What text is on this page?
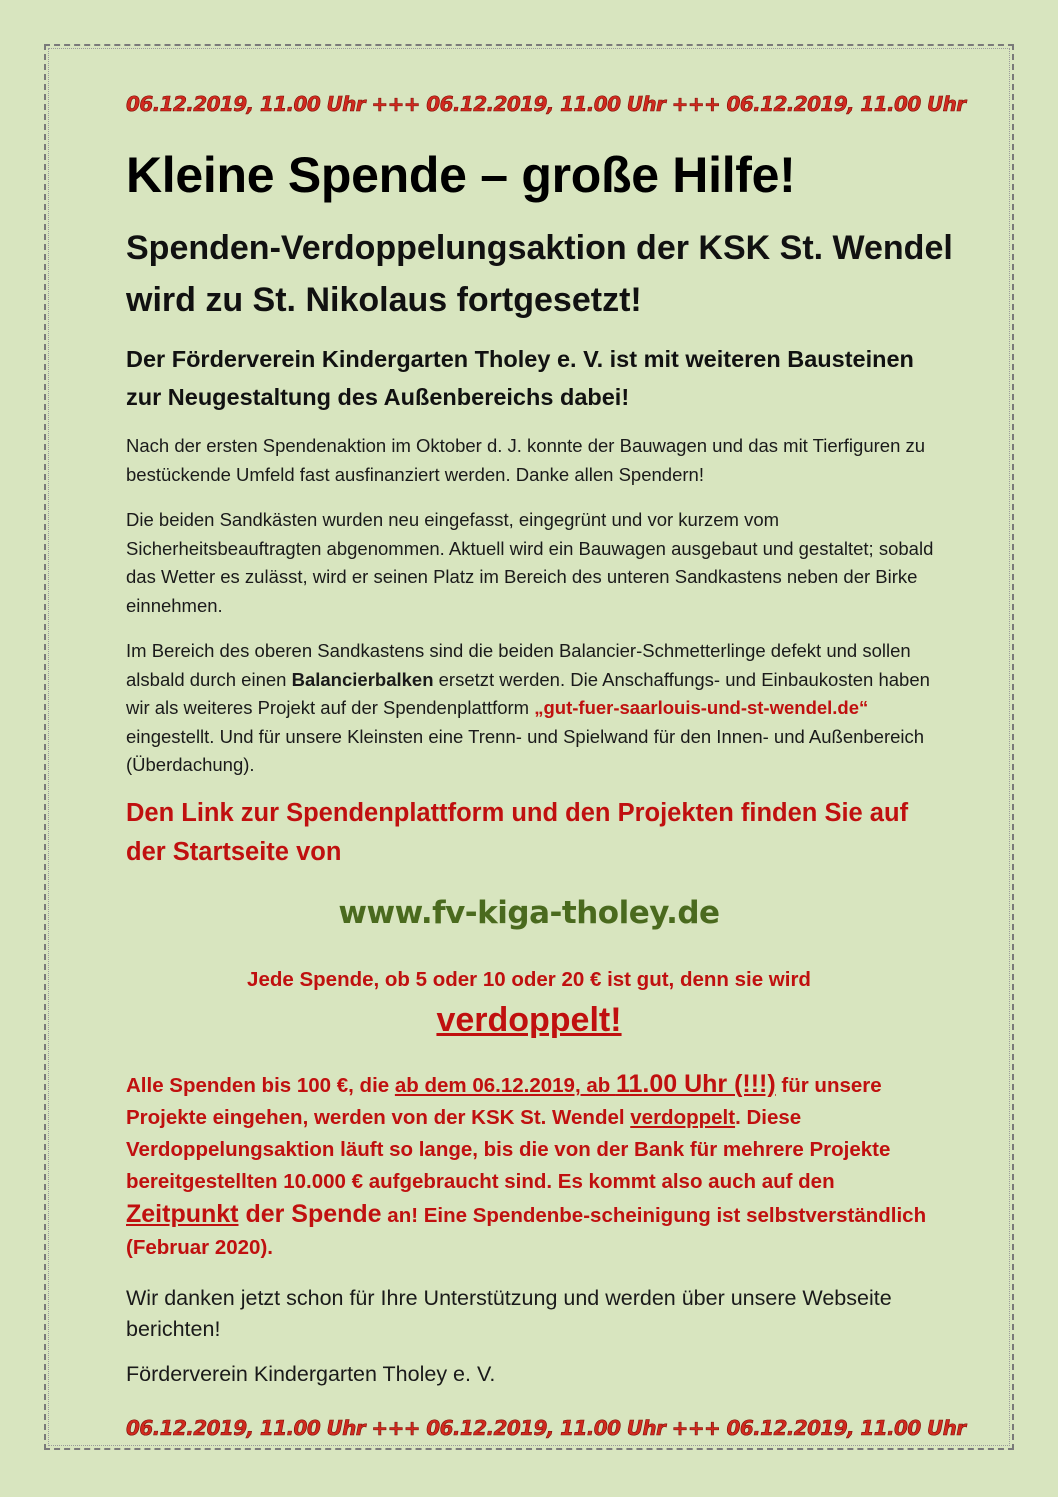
06.12.2019, 11.00 Uhr +++ 06.12.2019, 11.00 Uhr +++ 06.12.2019, 11.00 Uhr
Kleine Spende – große Hilfe!
Spenden-Verdoppelungsaktion der KSK St. Wendel wird zu St. Nikolaus fortgesetzt!
Der Förderverein Kindergarten Tholey e. V. ist mit weiteren Bausteinen zur Neugestaltung des Außenbereichs dabei!
Nach der ersten Spendenaktion im Oktober d. J. konnte der Bauwagen und das mit Tierfiguren zu bestückende Umfeld fast ausfinanziert werden. Danke allen Spendern!
Die beiden Sandkästen wurden neu eingefasst, eingegrünt und vor kurzem vom Sicherheitsbeauftragten abgenommen. Aktuell wird ein Bauwagen ausgebaut und gestaltet; sobald das Wetter es zulässt, wird er seinen Platz im Bereich des unteren Sandkastens neben der Birke einnehmen.
Im Bereich des oberen Sandkastens sind die beiden Balancier-Schmetterlinge defekt und sollen alsbald durch einen Balancierbalken ersetzt werden. Die Anschaffungs- und Einbaukosten haben wir als weiteres Projekt auf der Spendenplattform „gut-fuer-saarlouis-und-st-wendel.de“ eingestellt. Und für unsere Kleinsten eine Trenn- und Spielwand für den Innen- und Außenbereich (Überdachung).
Den Link zur Spendenplattform und den Projekten finden Sie auf der Startseite von
www.fv-kiga-tholey.de
Jede Spende, ob 5 oder 10 oder 20 € ist gut, denn sie wird
verdoppelt!
Alle Spenden bis 100 €, die ab dem 06.12.2019, ab 11.00 Uhr (!!!) für unsere Projekte eingehen, werden von der KSK St. Wendel verdoppelt. Diese Verdoppelungsaktion läuft so lange, bis die von der Bank für mehrere Projekte bereitgestellten 10.000 € aufgebraucht sind. Es kommt also auch auf den Zeitpunkt der Spende an! Eine Spendenbe-scheinigung ist selbstverständlich (Februar 2020).
Wir danken jetzt schon für Ihre Unterstützung und werden über unsere Webseite berichten!
Förderverein Kindergarten Tholey e. V.
06.12.2019, 11.00 Uhr +++ 06.12.2019, 11.00 Uhr +++ 06.12.2019, 11.00 Uhr
